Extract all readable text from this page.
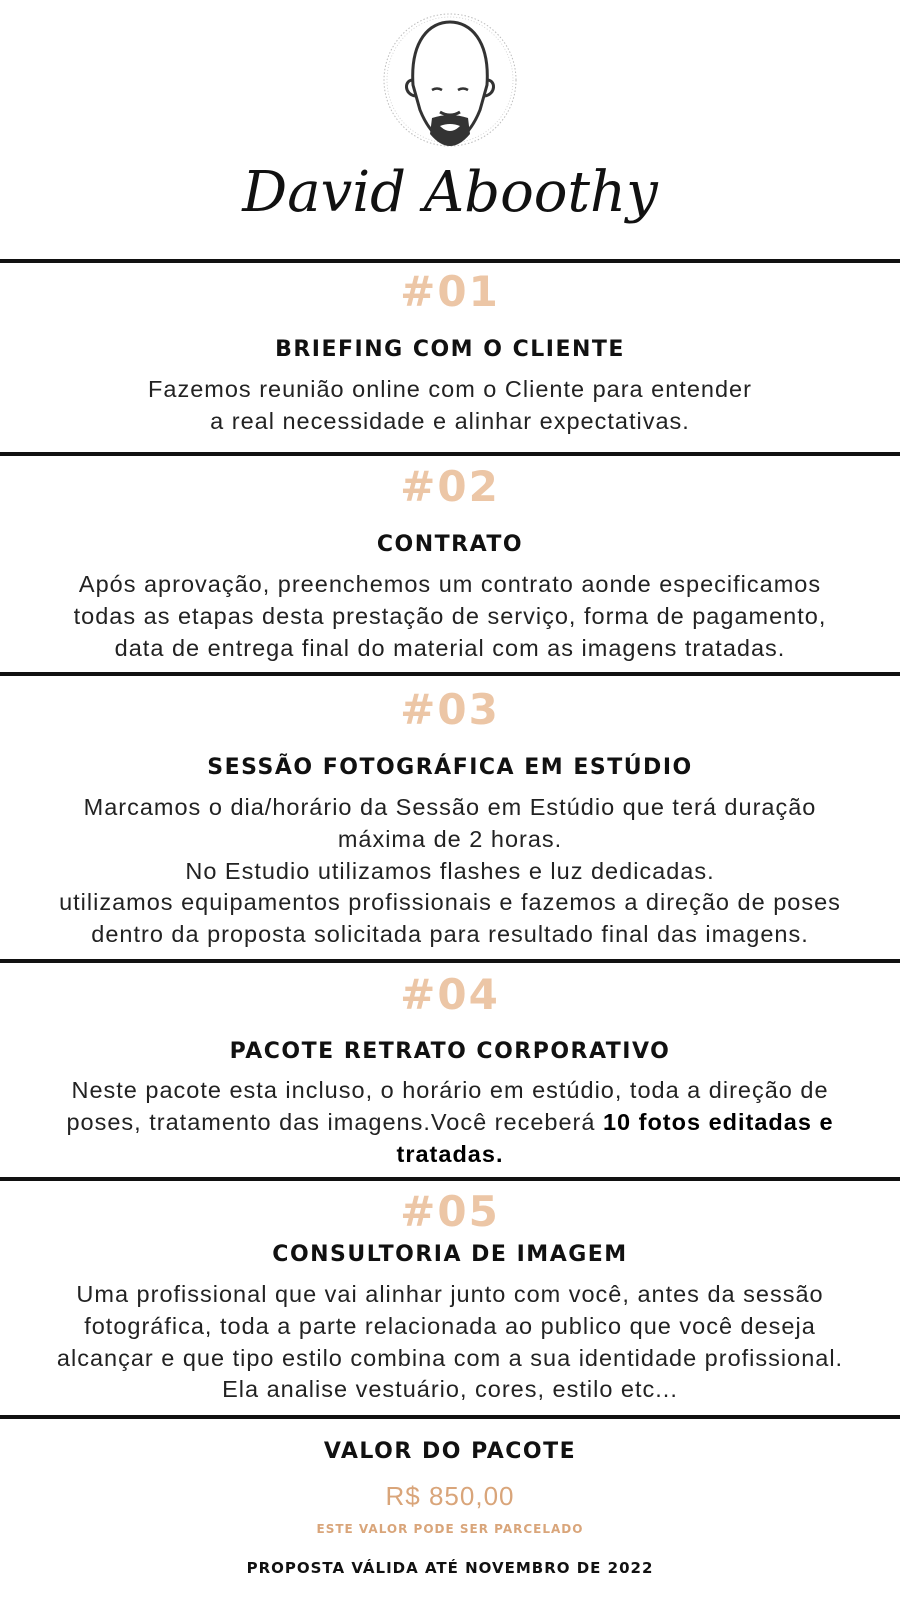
David Aboothy
#01
BRIEFING COM O CLIENTE
Fazemos reunião online com o Cliente para entender
a real necessidade e alinhar expectativas.
#02
CONTRATO
Após aprovação, preenchemos um contrato aonde especificamos
todas as etapas desta prestação de serviço, forma de pagamento,
data de entrega final do material com as imagens tratadas.
#03
SESSÃO FOTOGRÁFICA EM ESTÚDIO
Marcamos o dia/horário da Sessão em Estúdio que terá duração
máxima de 2 horas.
No Estudio utilizamos flashes e luz dedicadas.
utilizamos equipamentos profissionais e fazemos a direção de poses
dentro da proposta solicitada para resultado final das imagens.
#04
PACOTE RETRATO CORPORATIVO
Neste pacote esta incluso, o horário em estúdio, toda a direção de
poses, tratamento das imagens.Você receberá 10 fotos editadas e
tratadas.
#05
CONSULTORIA DE IMAGEM
Uma profissional que vai alinhar junto com você, antes da sessão
fotográfica, toda a parte relacionada ao publico que você deseja
alcançar e que tipo estilo combina com a sua identidade profissional.
Ela analise vestuário, cores, estilo etc...
VALOR DO PACOTE
R$ 850,00
ESTE VALOR PODE SER PARCELADO
PROPOSTA VÁLIDA ATÉ NOVEMBRO DE 2022
